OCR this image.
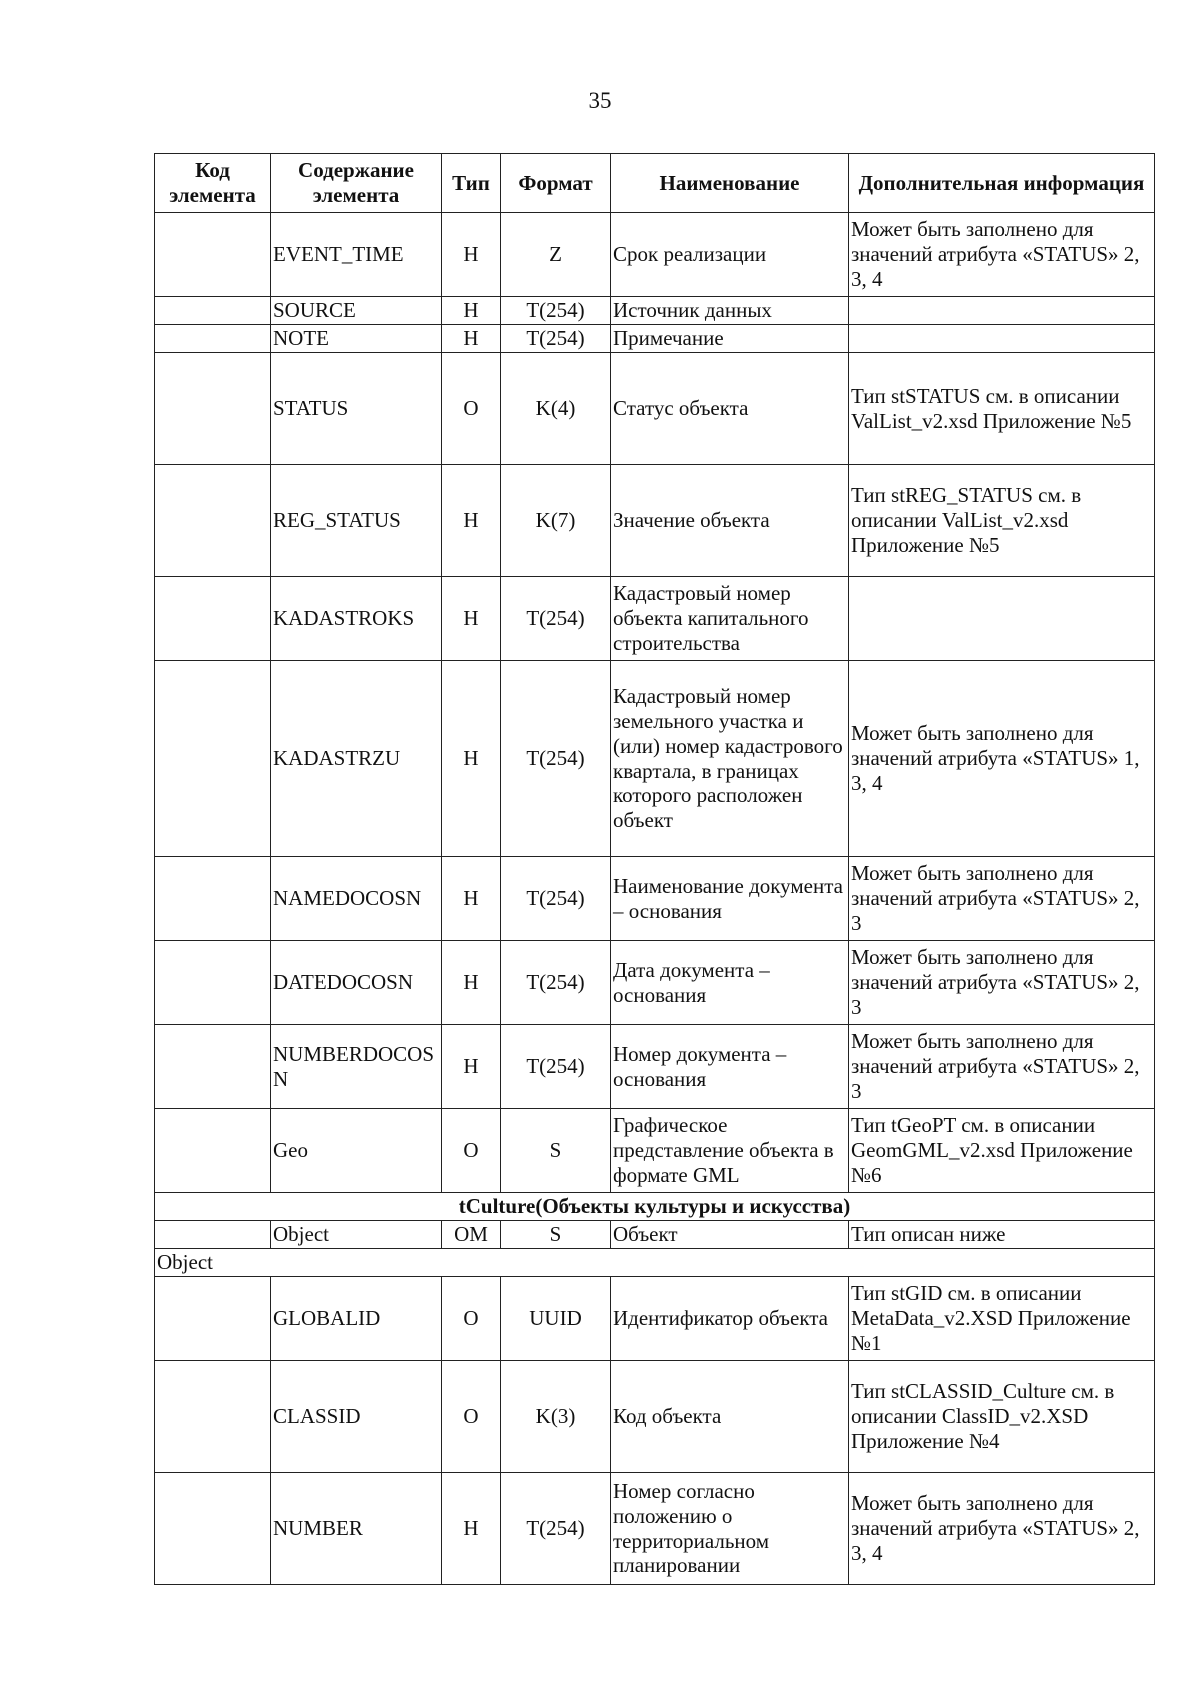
35
Код элемента	Содержание элемента	Тип	Формат	Наименование	Дополнительная информация
	EVENT_TIME	Н	Z	Срок реализации	Может быть заполнено для значений атрибута «STATUS» 2, 3, 4
	SOURCE	Н	T(254)	Источник данных	
	NOTE	Н	T(254)	Примечание	
	STATUS	О	K(4)	Статус объекта	Тип stSTATUS см. в описании ValList_v2.xsd Приложение №5
	REG_STATUS	Н	K(7)	Значение объекта	Тип stREG_STATUS см. в описании ValList_v2.xsd Приложение №5
	KADASTROKS	Н	T(254)	Кадастровый номер объекта капитального строительства	
	KADASTRZU	Н	T(254)	Кадастровый номер земельного участка и (или) номер кадастрового квартала, в границах которого расположен объект	Может быть заполнено для значений атрибута «STATUS» 1, 3, 4
	NAMEDOCOSN	Н	T(254)	Наименование документа – основания	Может быть заполнено для значений атрибута «STATUS» 2, 3
	DATEDOCOSN	Н	T(254)	Дата документа – основания	Может быть заполнено для значений атрибута «STATUS» 2, 3
	NUMBERDOCOSN	Н	T(254)	Номер документа – основания	Может быть заполнено для значений атрибута «STATUS» 2, 3
	Geo	О	S	Графическое представление объекта в формате GML	Тип tGeoPT см. в описании GeomGML_v2.xsd Приложение №6
tCulture(Объекты культуры и искусства)					
	Object	ОМ	S	Объект	Тип описан ниже
Object					
	GLOBALID	О	UUID	Идентификатор объекта	Тип stGID см. в описании MetaData_v2.XSD Приложение №1
	CLASSID	О	K(3)	Код объекта	Тип stCLASSID_Culture см. в описании ClassID_v2.XSD Приложение №4
	NUMBER	Н	T(254)	Номер согласно положению о территориальном планировании	Может быть заполнено для значений атрибута «STATUS» 2, 3, 4
